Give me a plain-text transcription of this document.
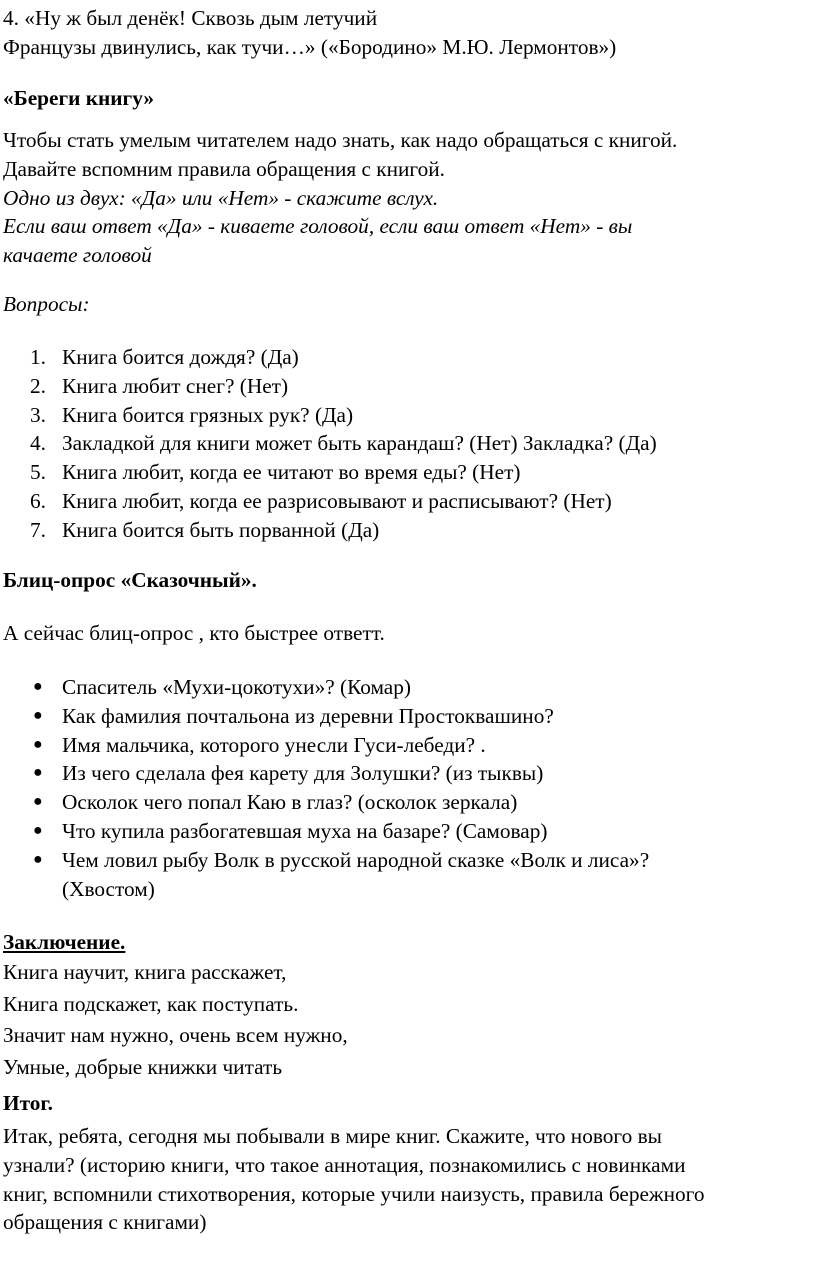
4. «Ну ж был денёк! Сквозь дым летучий
Французы двинулись, как тучи…» («Бородино» М.Ю. Лермонтов»)
«Береги книгу»
Чтобы стать умелым читателем надо знать, как надо обращаться с книгой.
Давайте вспомним правила обращения с книгой.
Одно из двух: «Да» или «Нет» - скажите вслух.
Если ваш ответ «Да» - киваете головой, если ваш ответ «Нет» - вы
качаете головой
Вопросы:
1. Книга боится дождя? (Да)
2. Книга любит снег? (Нет)
3. Книга боится грязных рук? (Да)
4. Закладкой для книги может быть карандаш? (Нет) Закладка? (Да)
5. Книга любит, когда ее читают во время еды? (Нет)
6. Книга любит, когда ее разрисовывают и расписывают? (Нет)
7. Книга боится быть порванной (Да)
Блиц-опрос «Сказочный».
А сейчас блиц-опрос , кто быстрее ответт.
● Спаситель «Мухи-цокотухи»? (Комар)
● Как фамилия почтальона из деревни Простоквашино?
● Имя мальчика, которого унесли Гуси-лебеди? .
● Из чего сделала фея карету для Золушки? (из тыквы)
● Осколок чего попал Каю в глаз? (осколок зеркала)
● Что купила разбогатевшая муха на базаре? (Самовар)
● Чем ловил рыбу Волк в русской народной сказке «Волк и лиса»?
(Хвостом)
Заключение.
Книга научит, книга расскажет,
Книга подскажет, как поступать.
Значит нам нужно, очень всем нужно,
Умные, добрые книжки читать
Итог.
Итак, ребята, сегодня мы побывали в мире книг. Скажите, что нового вы
узнали? (историю книги, что такое аннотация, познакомились с новинками
книг, вспомнили стихотворения, которые учили наизусть, правила бережного
обращения с книгами)
